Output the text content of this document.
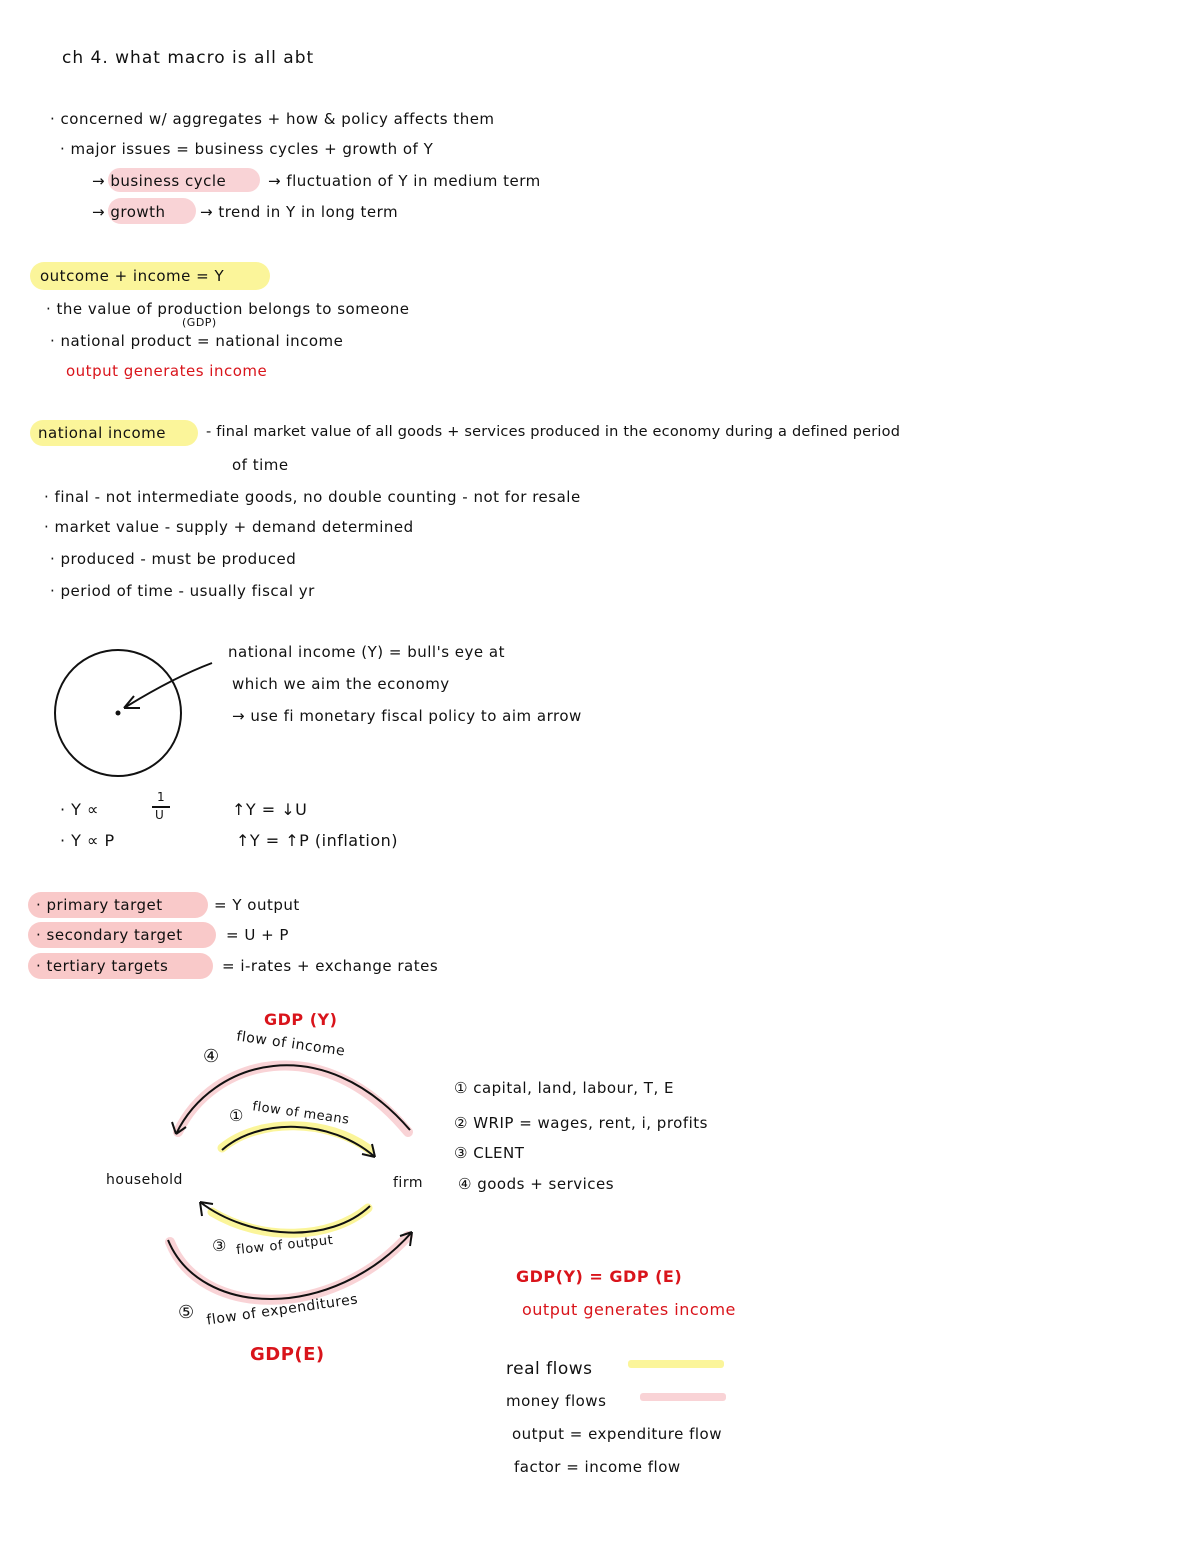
ch 4. what macro is all abt
· concerned w/ aggregates + how & policy affects them
· major issues = business cycles + growth of Y
→ business cycle	→ fluctuation of Y in medium term
→ growth → trend in Y in long term
outcome + income = Y
· the value of production belongs to someone
(GDP)
· national product = national income
output generates income
national income	- final market value of all goods + services produced in the economy during a defined period
of time
· final - not intermediate goods, no double counting - not for resale
· market value - supply + demand determined
· produced - must be produced
· period of time - usually fiscal yr
national income (Y) = bull's eye at
which we aim the economy
→ use fi monetary fiscal policy to aim arrow
· Y ∝
1
U	↑Y = ↓U
· Y ∝ P	↑Y = ↑P (inflation)
· primary target	= Y output
· secondary target	= U + P
· tertiary targets	= i-rates + exchange rates
GDP (Y)
④ flow of income
① flow of means
household	firm
③ flow of output
⑤ flow of expenditures
GDP(E)
① capital, land, labour, T, E
② WRIP = wages, rent, i, profits
③ CLENT
④ goods + services
GDP(Y) = GDP (E)
output generates income
real flows
money flows
output = expenditure flow
factor = income flow
